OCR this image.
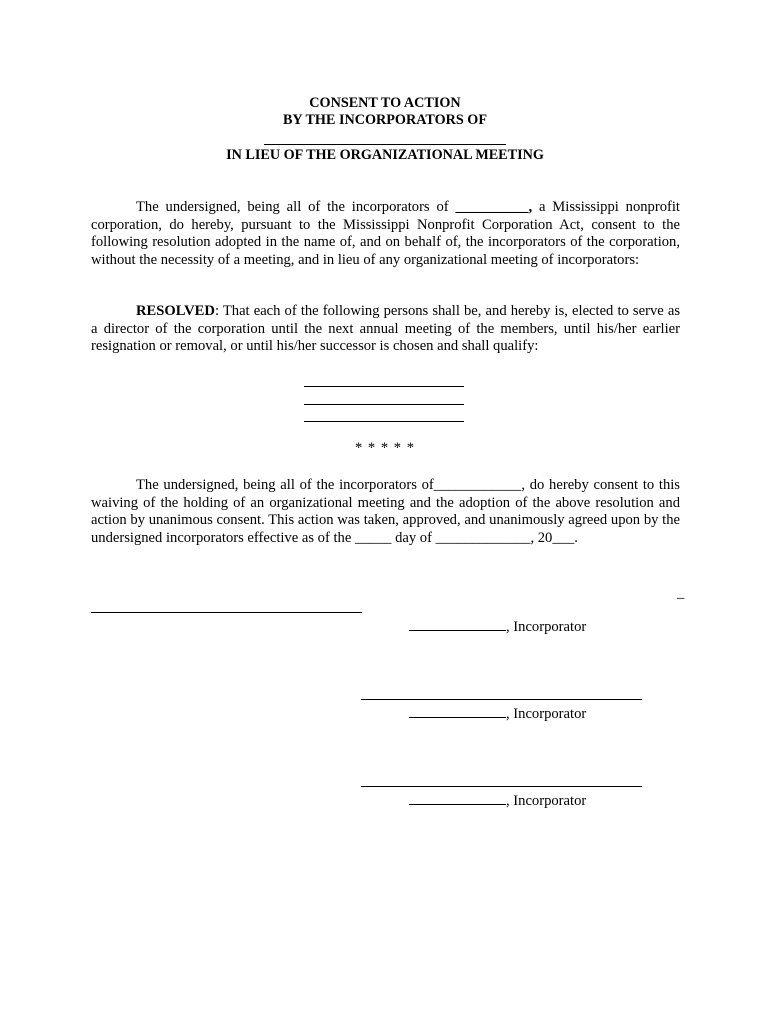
CONSENT TO ACTION
BY THE INCORPORATORS OF
IN LIEU OF THE ORGANIZATIONAL MEETING

The undersigned, being all of the incorporators of __________, a Mississippi nonprofit corporation, do hereby, pursuant to the Mississippi Nonprofit Corporation Act, consent to the following resolution adopted in the name of, and on behalf of, the incorporators of the corporation, without the necessity of a meeting, and in lieu of any organizational meeting of incorporators:

RESOLVED: That each of the following persons shall be, and hereby is, elected to serve as a director of the corporation until the next annual meeting of the members, until his/her earlier resignation or removal, or until his/her successor is chosen and shall qualify:

* * * * *

The undersigned, being all of the incorporators of____________, do hereby consent to this waiving of the holding of an organizational meeting and the adoption of the above resolution and action by unanimous consent. This action was taken, approved, and unanimously agreed upon by the undersigned incorporators effective as of the _____ day of _____________, 20___.

_
, Incorporator
, Incorporator
, Incorporator
